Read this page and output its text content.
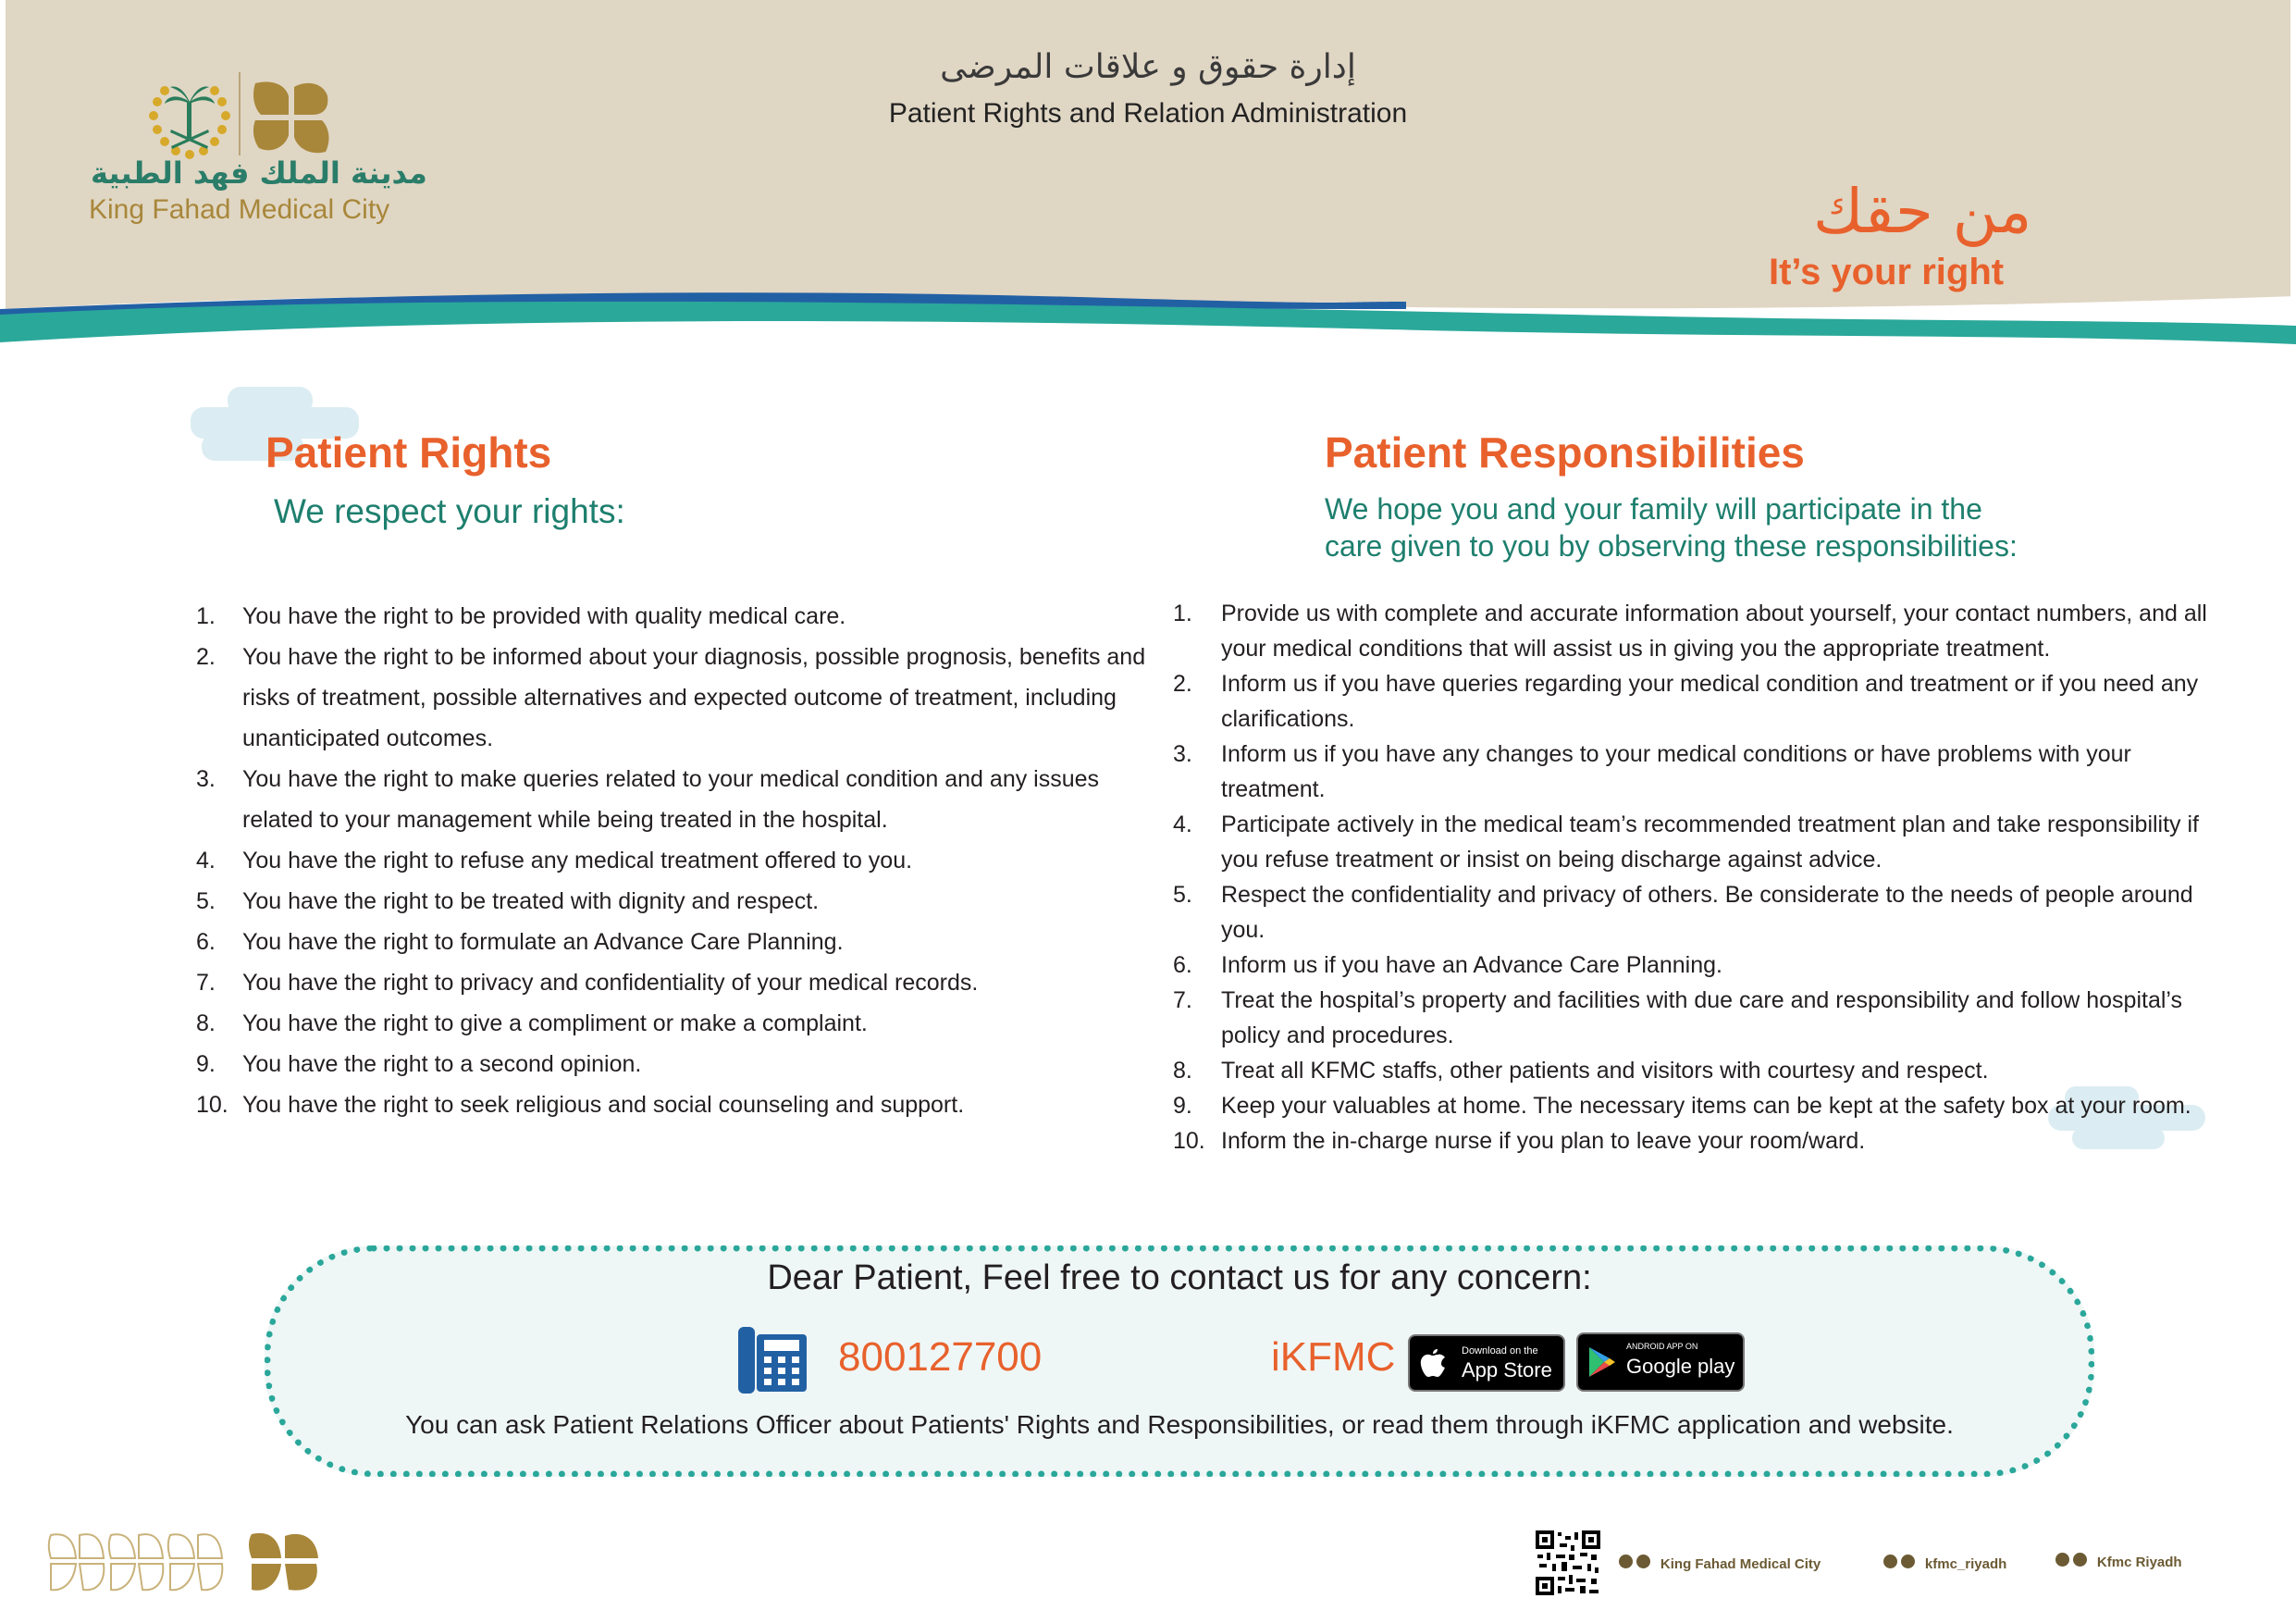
إدارة حقوق و علاقات المرضى
Patient Rights and Relation Administration
من حقك
It’s your right
مدينة الملك فهد الطبية
King Fahad Medical City
Patient Rights
We respect your rights:
1. You have the right to be provided with quality medical care.
2. You have the right to be informed about your diagnosis, possible prognosis, benefits and risks of treatment, possible alternatives and expected outcome of treatment, including unanticipated outcomes.
3. You have the right to make queries related to your medical condition and any issues related to your management while being treated in the hospital.
4. You have the right to refuse any medical treatment offered to you.
5. You have the right to be treated with dignity and respect.
6. You have the right to formulate an Advance Care Planning.
7. You have the right to privacy and confidentiality of your medical records.
8. You have the right to give a compliment or make a complaint.
9. You have the right to a second opinion.
10. You have the right to seek religious and social counseling and support.
Patient Responsibilities
We hope you and your family will participate in the
care given to you by observing these responsibilities:
1. Provide us with complete and accurate information about yourself, your contact numbers, and all your medical conditions that will assist us in giving you the appropriate treatment.
2. Inform us if you have queries regarding your medical condition and treatment or if you need any clarifications.
3. Inform us if you have any changes to your medical conditions or have problems with your treatment.
4. Participate actively in the medical team’s recommended treatment plan and take responsibility if you refuse treatment or insist on being discharge against advice.
5. Respect the confidentiality and privacy of others. Be considerate to the needs of people around you.
6. Inform us if you have an Advance Care Planning.
7. Treat the hospital’s property and facilities with due care and responsibility and follow hospital’s policy and procedures.
8. Treat all KFMC staffs, other patients and visitors with courtesy and respect.
9. Keep your valuables at home. The necessary items can be kept at the safety box at your room.
10. Inform the in-charge nurse if you plan to leave your room/ward.
Dear Patient, Feel free to contact us for any concern:
800127700	iKFMC	Download on the
App Store
ANDROID APP ON
Google play
You can ask Patient Relations Officer about Patients' Rights and Responsibilities, or read them through iKFMC application and website.
King Fahad Medical City	kfmc_riyadh	Kfmc Riyadh
